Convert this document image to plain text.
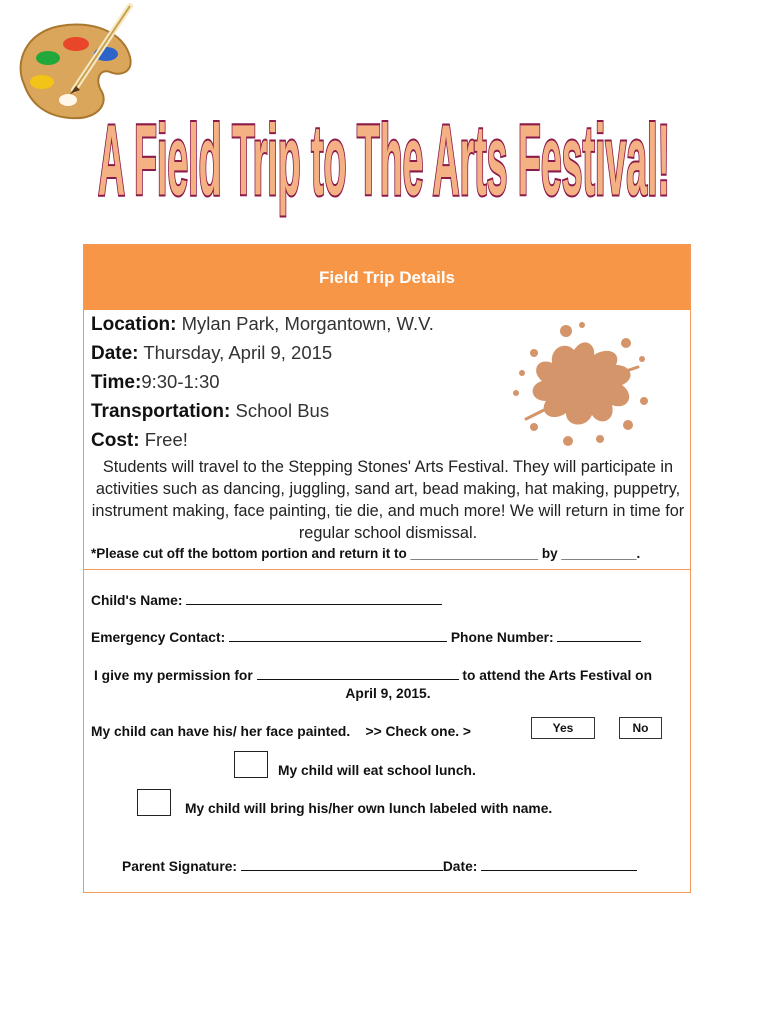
A Field Trip to The Arts Festival!
Field Trip Details
Location: Mylan Park, Morgantown, W.V.
Date: Thursday, April 9, 2015
Time:9:30-1:30
Transportation: School Bus
Cost: Free!
Students will travel to the Stepping Stones' Arts Festival. They will participate in activities such as dancing, juggling, sand art, bead making, hat making, puppetry, instrument making, face painting, tie die, and much more! We will return in time for regular school dismissal.
*Please cut off the bottom portion and return it to _________________ by __________.
Child's Name:
Emergency Contact:	Phone Number:
I give my permission for	to attend the Arts Festival on
April 9, 2015.
My child can have his/ her face painted. >> Check one. >	Yes	No
My child will eat school lunch.
My child will bring his/her own lunch labeled with name.
Parent Signature:	Date:
